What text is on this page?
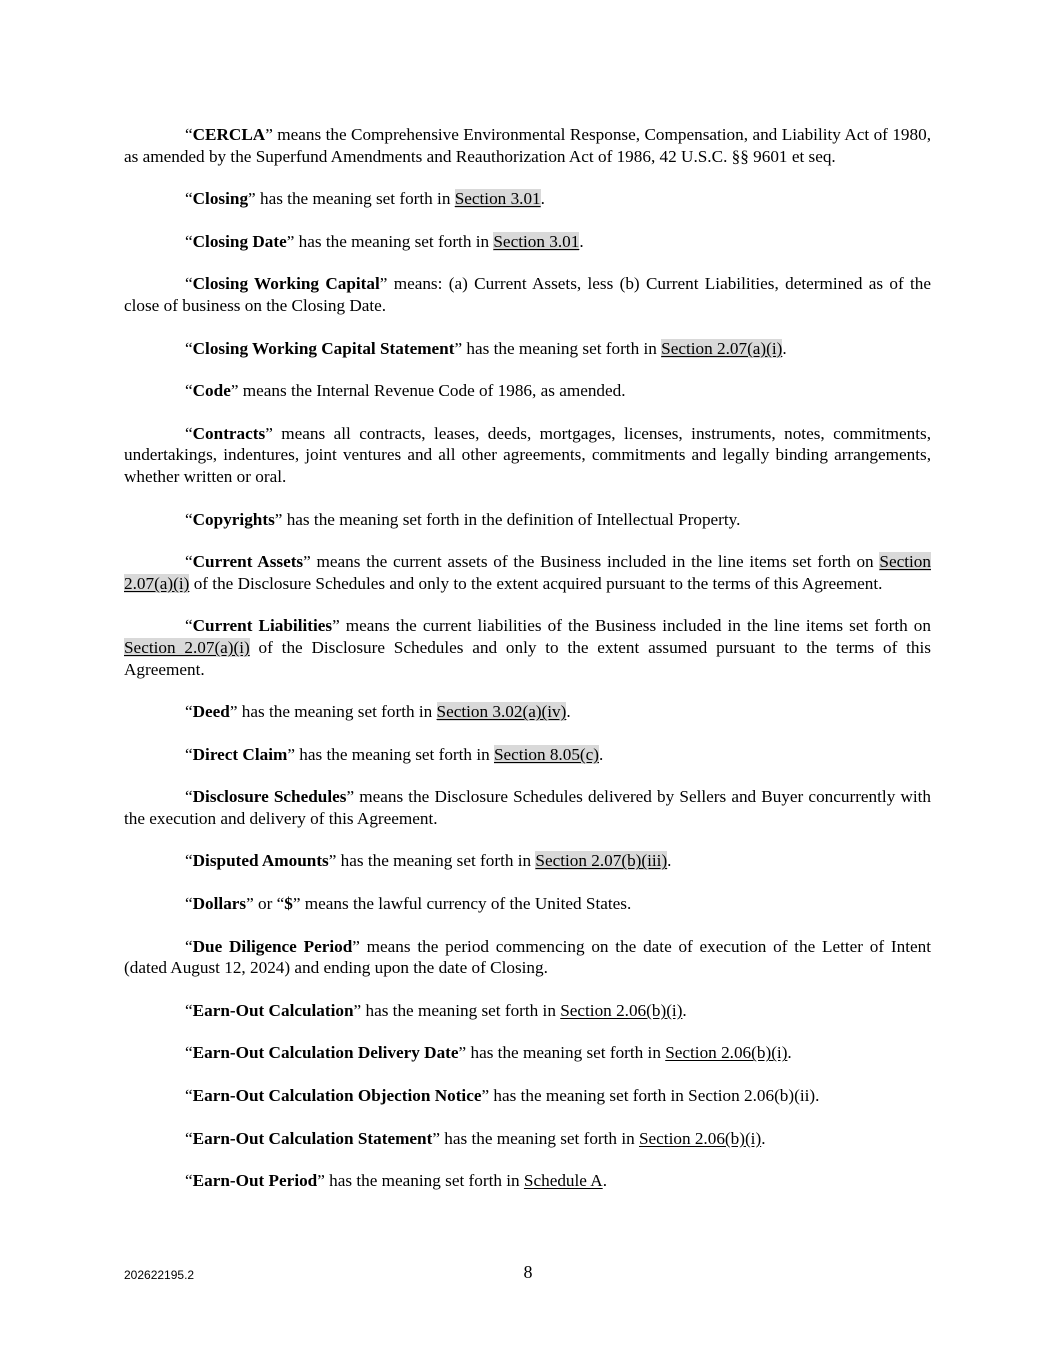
“CERCLA” means the Comprehensive Environmental Response, Compensation, and Liability Act of 1980, as amended by the Superfund Amendments and Reauthorization Act of 1986, 42 U.S.C. §§ 9601 et seq.

“Closing” has the meaning set forth in Section 3.01.

“Closing Date” has the meaning set forth in Section 3.01.

“Closing Working Capital” means: (a) Current Assets, less (b) Current Liabilities, determined as of the close of business on the Closing Date.

“Closing Working Capital Statement” has the meaning set forth in Section 2.07(a)(i).

“Code” means the Internal Revenue Code of 1986, as amended.

“Contracts” means all contracts, leases, deeds, mortgages, licenses, instruments, notes, commitments, undertakings, indentures, joint ventures and all other agreements, commitments and legally binding arrangements, whether written or oral.

“Copyrights” has the meaning set forth in the definition of Intellectual Property.

“Current Assets” means the current assets of the Business included in the line items set forth on Section 2.07(a)(i) of the Disclosure Schedules and only to the extent acquired pursuant to the terms of this Agreement.

“Current Liabilities” means the current liabilities of the Business included in the line items set forth on Section 2.07(a)(i) of the Disclosure Schedules and only to the extent assumed pursuant to the terms of this Agreement.

“Deed” has the meaning set forth in Section 3.02(a)(iv).

“Direct Claim” has the meaning set forth in Section 8.05(c).

“Disclosure Schedules” means the Disclosure Schedules delivered by Sellers and Buyer concurrently with the execution and delivery of this Agreement.

“Disputed Amounts” has the meaning set forth in Section 2.07(b)(iii).

“Dollars” or “$” means the lawful currency of the United States.

“Due Diligence Period” means the period commencing on the date of execution of the Letter of Intent (dated August 12, 2024) and ending upon the date of Closing.

“Earn-Out Calculation” has the meaning set forth in Section 2.06(b)(i).

“Earn-Out Calculation Delivery Date” has the meaning set forth in Section 2.06(b)(i).

“Earn-Out Calculation Objection Notice” has the meaning set forth in Section 2.06(b)(ii).

“Earn-Out Calculation Statement” has the meaning set forth in Section 2.06(b)(i).

“Earn-Out Period” has the meaning set forth in Schedule A.

202622195.2	8
